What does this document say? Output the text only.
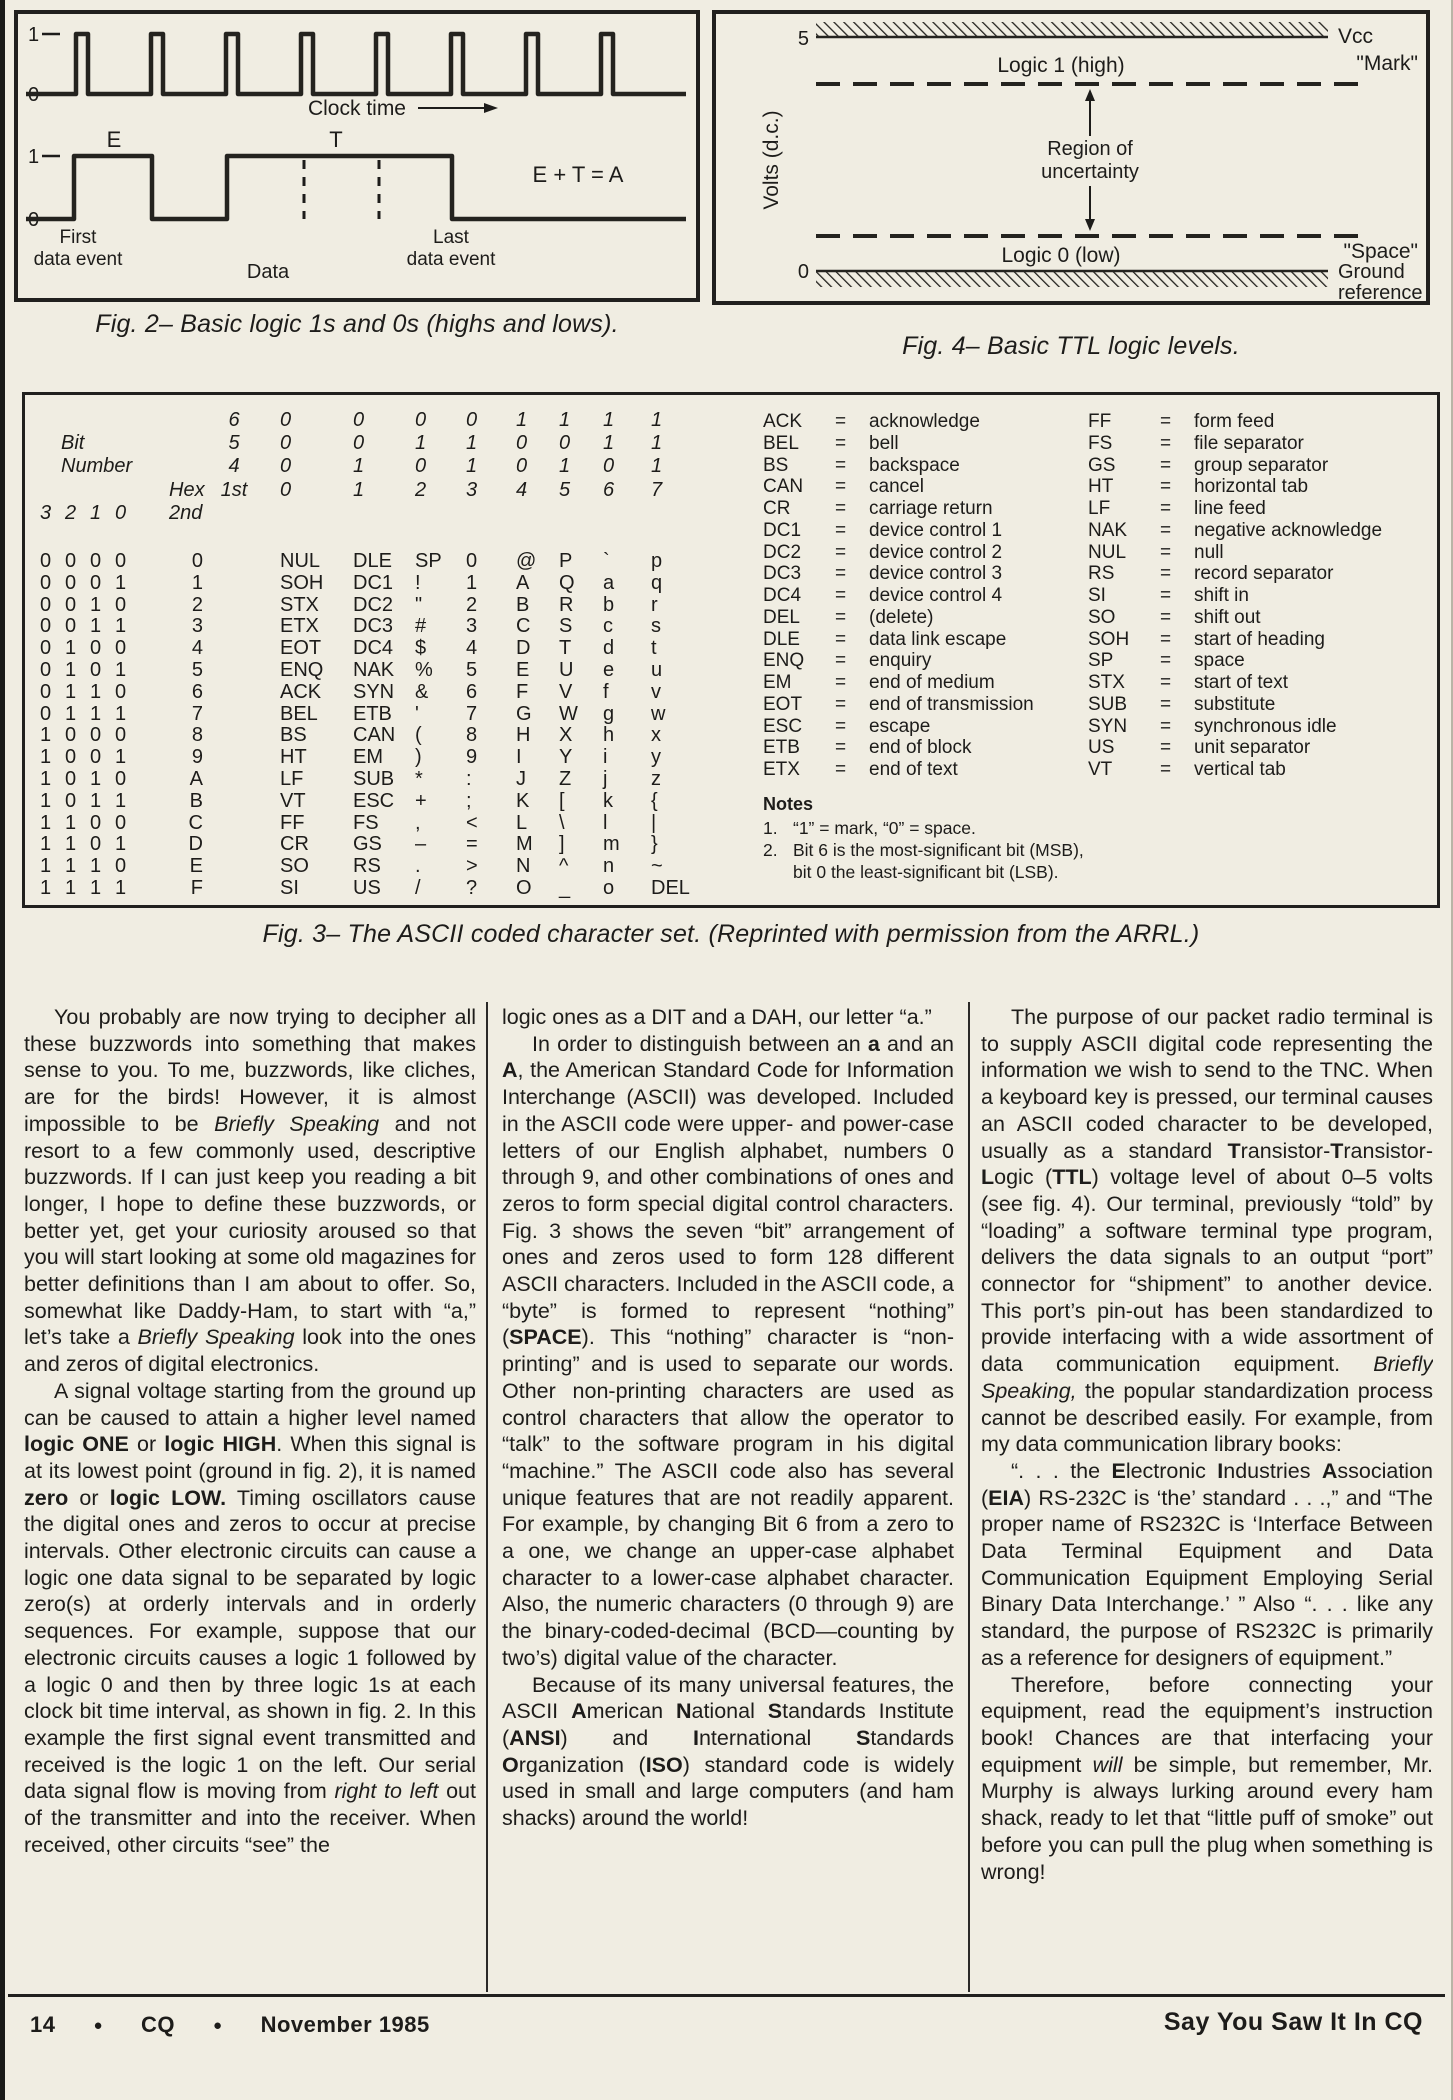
1
0
Clock time
E	T
1
0
E + T = A
First
data event
Last
data event
Data
Volts (d.c.)
5	Vcc
Logic 1 (high)	"Mark"
Region of
uncertainty
Logic 0 (low)	"Space"
0	Ground
reference
Fig. 2– Basic logic 1s and 0s (highs and lows).
Fig. 4– Basic TTL logic levels.
6 0	0	0 0 1 1 1 1
Bit	5 0	0	1 1 0 0 1 1
Number	4 0	1	0 1 0 1 0 1
Hex 1st 0	1	2 3 4 5 6 7
3 2 1 0 2nd
0 0 0 0	0	NUL DLE SP 0 @ P ` p
0 0 0 1	1	SOH DC1 ! 1 A Q a q
0 0 1 0	2	STX DC2 " 2 B R b r
0 0 1 1	3	ETX DC3 # 3 C S c s
0 1 0 0	4	EOT DC4 $ 4 D T d t
0 1 0 1	5	ENQ NAK % 5 E U e u
0 1 1 0	6	ACK SYN & 6 F V f v
0 1 1 1	7	BEL ETB ' 7 G W g w
1 0 0 0	8	BS CAN ( 8 H X h x
1 0 0 1	9	HT EM ) 9 I Y i y
1 0 1 0	A	LF SUB * : J Z j z
1 0 1 1	B	VT ESC + ; K [ k {
1 1 0 0	C	FF FS , < L \ l |
1 1 0 1	D	CR GS – = M ] m }
1 1 1 0	E	SO RS . > N ^ n ~
1 1 1 1	F	SI	US / ? O _ o DEL
ACK = acknowledge
BEL = bell
BS = backspace
CAN = cancel
CR = carriage return
DC1 = device control 1
DC2 = device control 2
DC3 = device control 3
DC4 = device control 4
DEL = (delete)
DLE = data link escape
ENQ = enquiry
EM = end of medium
EOT = end of transmission
ESC = escape
ETB = end of block
ETX = end of text
Notes
1. “1” = mark, “0” = space.
2. Bit 6 is the most-significant bit (MSB), bit 0 the least-significant bit (LSB).
FF	= form feed
FS	= file separator
GS = group separator
HT = horizontal tab
LF	= line feed
NAK = negative acknowledge
NUL = null
RS = record separator
SI	= shift in
SO = shift out
SOH = start of heading
SP = space
STX = start of text
SUB = substitute
SYN = synchronous idle
US = unit separator
VT	= vertical tab
Fig. 3– The ASCII coded character set. (Reprinted with permission from the ARRL.)

You probably are now trying to decipher all these buzzwords into something that makes sense to you. To me, buzzwords, like cliches, are for the birds! However, it is almost impossible to be Briefly Speaking and not resort to a few commonly used, descriptive buzzwords. If I can just keep you reading a bit longer, I hope to define these buzzwords, or better yet, get your curiosity aroused so that you will start looking at some old magazines for better definitions than I am about to offer. So, somewhat like Daddy-Ham, to start with “a,” let’s take a Briefly Speaking look into the ones and zeros of digital electronics.

A signal voltage starting from the ground up can be caused to attain a higher level named logic ONE or logic HIGH. When this signal is at its lowest point (ground in fig. 2), it is named zero or logic LOW. Timing oscillators cause the digital ones and zeros to occur at precise intervals. Other electronic circuits can cause a logic one data signal to be separated by logic zero(s) at orderly intervals and in orderly sequences. For example, suppose that our electronic circuits causes a logic 1 followed by a logic 0 and then by three logic 1s at each clock bit time interval, as shown in fig. 2. In this example the first signal event transmitted and received is the logic 1 on the left. Our serial data signal flow is moving from right to left out of the transmitter and into the receiver. When received, other circuits “see” the

logic ones as a DIT and a DAH, our letter “a.”

In order to distinguish between an a and an A, the American Standard Code for Information Interchange (ASCII) was developed. Included in the ASCII code were upper- and power-case letters of our English alphabet, numbers 0 through 9, and other combinations of ones and zeros to form special digital control characters. Fig. 3 shows the seven “bit” arrangement of ones and zeros used to form 128 different ASCII characters. Included in the ASCII code, a “byte” is formed to represent “nothing” (SPACE). This “nothing” character is “non-printing” and is used to separate our words. Other non-printing characters are used as control characters that allow the operator to “talk” to the software program in his digital “machine.” The ASCII code also has several unique features that are not readily apparent. For example, by changing Bit 6 from a zero to a one, we change an upper-case alphabet character to a lower-case alphabet character. Also, the numeric characters (0 through 9) are the binary-coded-decimal (BCD—counting by two’s) digital value of the character.

Because of its many universal features, the ASCII American National Standards Institute (ANSI) and International Standards Organization (ISO) standard code is widely used in small and large computers (and ham shacks) around the world!

The purpose of our packet radio terminal is to supply ASCII digital code representing the information we wish to send to the TNC. When a keyboard key is pressed, our terminal causes an ASCII coded character to be developed, usually as a standard Transistor-Transistor-Logic (TTL) voltage level of about 0–5 volts (see fig. 4). Our terminal, previously “told” by “loading” a software terminal type program, delivers the data signals to an output “port” connector for “shipment” to another device. This port’s pin-out has been standardized to provide interfacing with a wide assortment of data communication equipment. Briefly Speaking, the popular standardization process cannot be described easily. For example, from my data communication library books:

“. . . the Electronic Industries Association (EIA) RS-232C is ‘the’ standard . . .,” and “The proper name of RS232C is ‘Interface Between Data Terminal Equipment and Data Communication Equipment Employing Serial Binary Data Interchange.’ ” Also “. . . like any standard, the purpose of RS232C is primarily as a reference for designers of equipment.”

Therefore, before connecting your equipment, read the equipment’s instruction book! Chances are that interfacing your equipment will be simple, but remember, Mr. Murphy is always lurking around every ham shack, ready to let that “little puff of smoke” out before you can pull the plug when something is wrong!

14	● CQ	● November 1985	Say You Saw It In CQ
